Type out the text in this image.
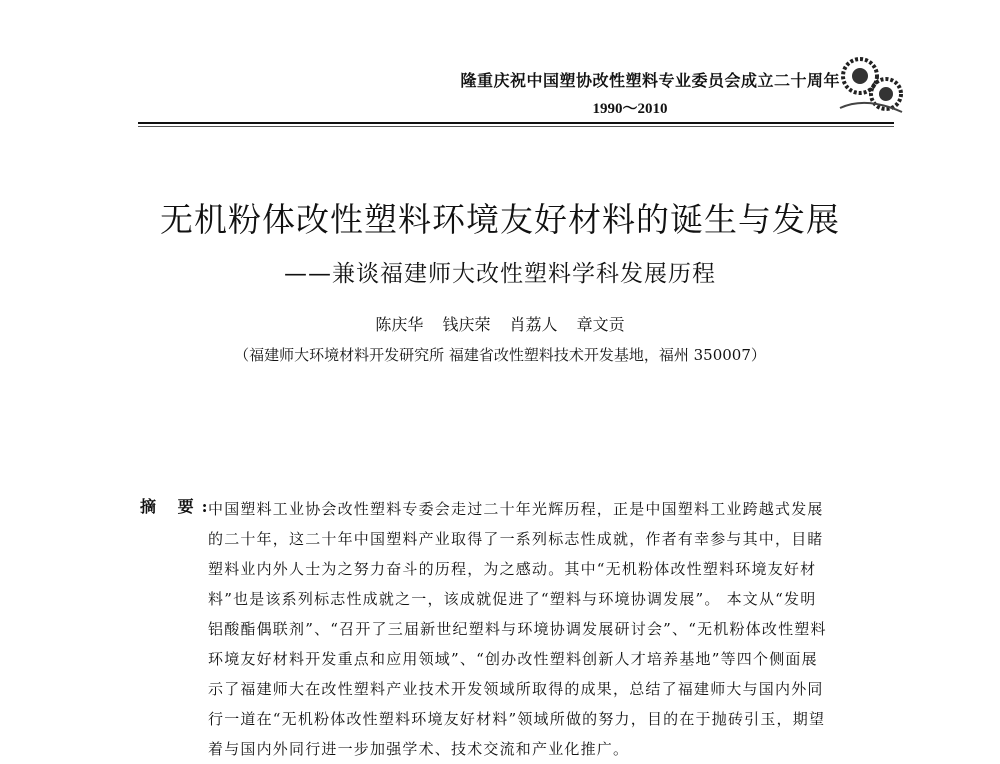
隆重庆祝中国塑协改性塑料专业委员会成立二十周年
1990～2010
无机粉体改性塑料环境友好材料的诞生与发展
——兼谈福建师大改性塑料学科发展历程
陈庆华 钱庆荣 肖荔人 章文贡
（福建师大环境材料开发研究所 福建省改性塑料技术开发基地，福州 350007）
摘 要:
中国塑料工业协会改性塑料专委会走过二十年光辉历程，正是中国塑料工业跨越式发展
的二十年，这二十年中国塑料产业取得了一系列标志性成就，作者有幸参与其中，目睹
塑料业内外人士为之努力奋斗的历程，为之感动。其中“无机粉体改性塑料环境友好材
料”也是该系列标志性成就之一，该成就促进了“塑料与环境协调发展”。 本文从“发明
铝酸酯偶联剂”、“召开了三届新世纪塑料与环境协调发展研讨会”、“无机粉体改性塑料
环境友好材料开发重点和应用领域”、“创办改性塑料创新人才培养基地”等四个侧面展
示了福建师大在改性塑料产业技术开发领域所取得的成果，总结了福建师大与国内外同
行一道在“无机粉体改性塑料环境友好材料”领域所做的努力，目的在于抛砖引玉，期望
着与国内外同行进一步加强学术、技术交流和产业化推广。
